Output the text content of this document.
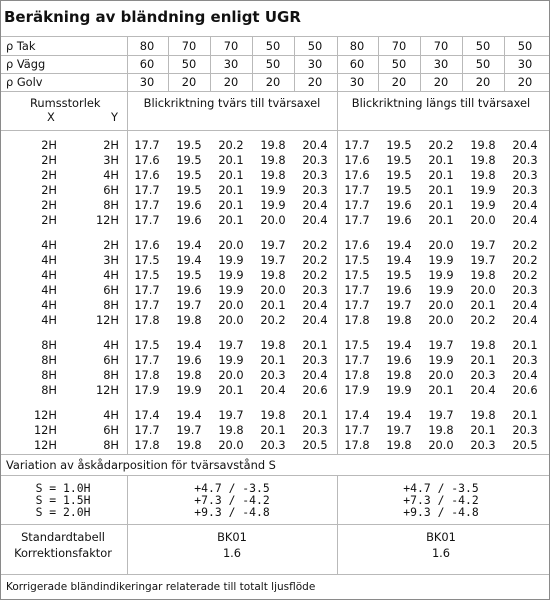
Beräkning av bländning enligt UGR
ρ Tak	80	70	70	50	50	80	70	70	50	50
ρ Vägg	60	50	30	50	30	60	50	30	50	30
ρ Golv	30	20	20	20	20	30	20	20	20	20
Rumsstorlek
X	Y
Blickriktning tvärs till tvärsaxel	Blickriktning längs till tvärsaxel
2H	2H	17.7	19.5	20.2	19.8	20.4	17.7	19.5	20.2	19.8	20.4
2H	3H	17.6	19.5	20.1	19.8	20.3	17.6	19.5	20.1	19.8	20.3
2H	4H	17.6	19.5	20.1	19.8	20.3	17.6	19.5	20.1	19.8	20.3
2H	6H	17.7	19.5	20.1	19.9	20.3	17.7	19.5	20.1	19.9	20.3
2H	8H	17.7	19.6	20.1	19.9	20.4	17.7	19.6	20.1	19.9	20.4
2H	12H	17.7	19.6	20.1	20.0	20.4	17.7	19.6	20.1	20.0	20.4
4H	2H	17.6	19.4	20.0	19.7	20.2	17.6	19.4	20.0	19.7	20.2
4H	3H	17.5	19.4	19.9	19.7	20.2	17.5	19.4	19.9	19.7	20.2
4H	4H	17.5	19.5	19.9	19.8	20.2	17.5	19.5	19.9	19.8	20.2
4H	6H	17.7	19.6	19.9	20.0	20.3	17.7	19.6	19.9	20.0	20.3
4H	8H	17.7	19.7	20.0	20.1	20.4	17.7	19.7	20.0	20.1	20.4
4H	12H	17.8	19.8	20.0	20.2	20.4	17.8	19.8	20.0	20.2	20.4
8H	4H	17.5	19.4	19.7	19.8	20.1	17.5	19.4	19.7	19.8	20.1
8H	6H	17.7	19.6	19.9	20.1	20.3	17.7	19.6	19.9	20.1	20.3
8H	8H	17.8	19.8	20.0	20.3	20.4	17.8	19.8	20.0	20.3	20.4
8H	12H	17.9	19.9	20.1	20.4	20.6	17.9	19.9	20.1	20.4	20.6
12H	4H	17.4	19.4	19.7	19.8	20.1	17.4	19.4	19.7	19.8	20.1
12H	6H	17.7	19.7	19.8	20.1	20.3	17.7	19.7	19.8	20.1	20.3
12H	8H	17.8	19.8	20.0	20.3	20.5	17.8	19.8	20.0	20.3	20.5
Variation av åskådarposition för tvärsavstånd S
S = 1.0H	+4.7 / -3.5	+4.7 / -3.5
S = 1.5H	+7.3 / -4.2	+7.3 / -4.2
S = 2.0H	+9.3 / -4.8	+9.3 / -4.8
Standardtabell	BK01	BK01
Korrektionsfaktor	1.6	1.6
Korrigerade bländindikeringar relaterade till totalt ljusflöde
